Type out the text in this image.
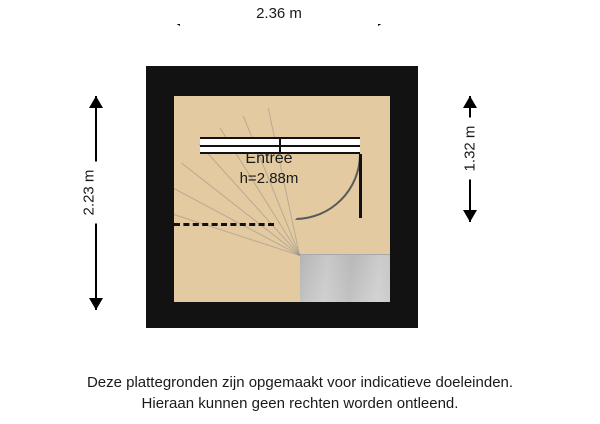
2.36 m
2.23 m
1.32 m
Entree
h=2.88m
Deze plattegronden zijn opgemaakt voor indicatieve doeleinden.
Hieraan kunnen geen rechten worden ontleend.
